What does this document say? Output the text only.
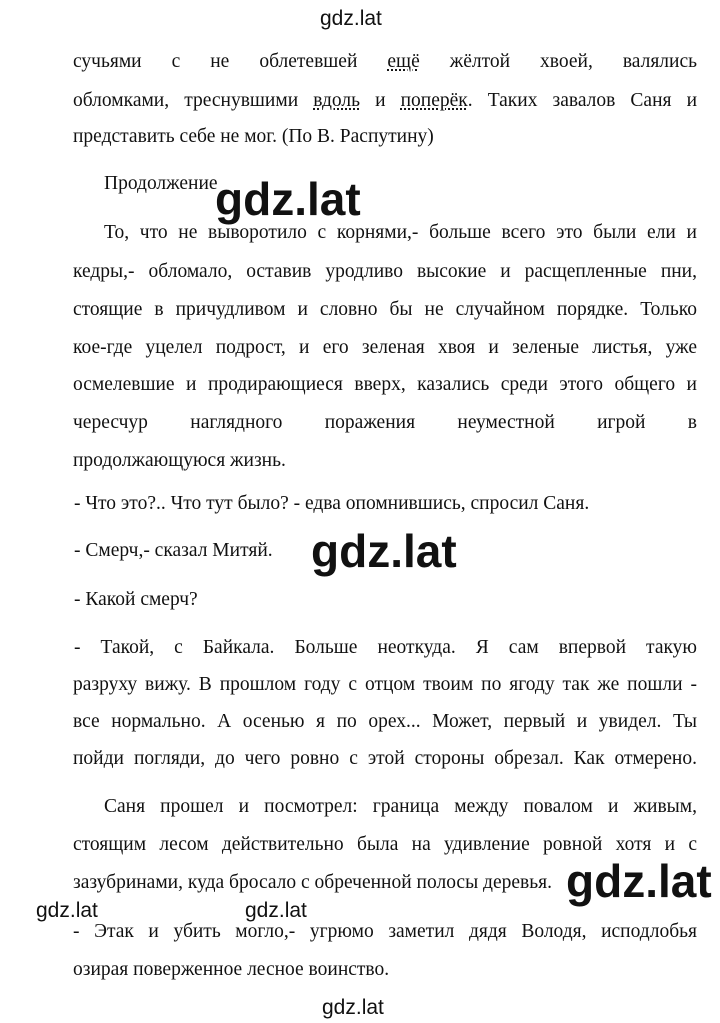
gdz.lat
сучьями с не облетевшей ещё жёлтой хвоей, валялись
обломками, треснувшими вдоль и поперёк. Таких завалов Саня и
представить себе не мог. (По В. Распутину)
Продолжение
gdz.lat
То, что не выворотило с корнями,- больше всего это были ели и
кедры,- обломало, оставив уродливо высокие и расщепленные пни,
стоящие в причудливом и словно бы не случайном порядке. Только
кое-где уцелел подрост, и его зеленая хвоя и зеленые листья, уже
осмелевшие и продирающиеся вверх, казались среди этого общего и
чересчур наглядного поражения неуместной игрой в
продолжающуюся жизнь.
- Что это?.. Что тут было? - едва опомнившись, спросил Саня.
- Смерч,- сказал Митяй. gdz.lat
- Какой смерч?
- Такой, с Байкала. Больше неоткуда. Я сам впервой такую
разруху вижу. В прошлом году с отцом твоим по ягоду так же пошли -
все нормально. А осенью я по орех... Может, первый и увидел. Ты
пойди погляди, до чего ровно с этой стороны обрезал. Как отмерено.
Саня прошел и посмотрел: граница между повалом и живым,
стоящим лесом действительно была на удивление ровной хотя и с
зазубринами, куда бросало с обреченной полосы деревья. gdz.lat
gdz.lat	gdz.lat
- Этак и убить могло,- угрюмо заметил дядя Володя, исподлобья
озирая поверженное лесное воинство.
gdz.lat
